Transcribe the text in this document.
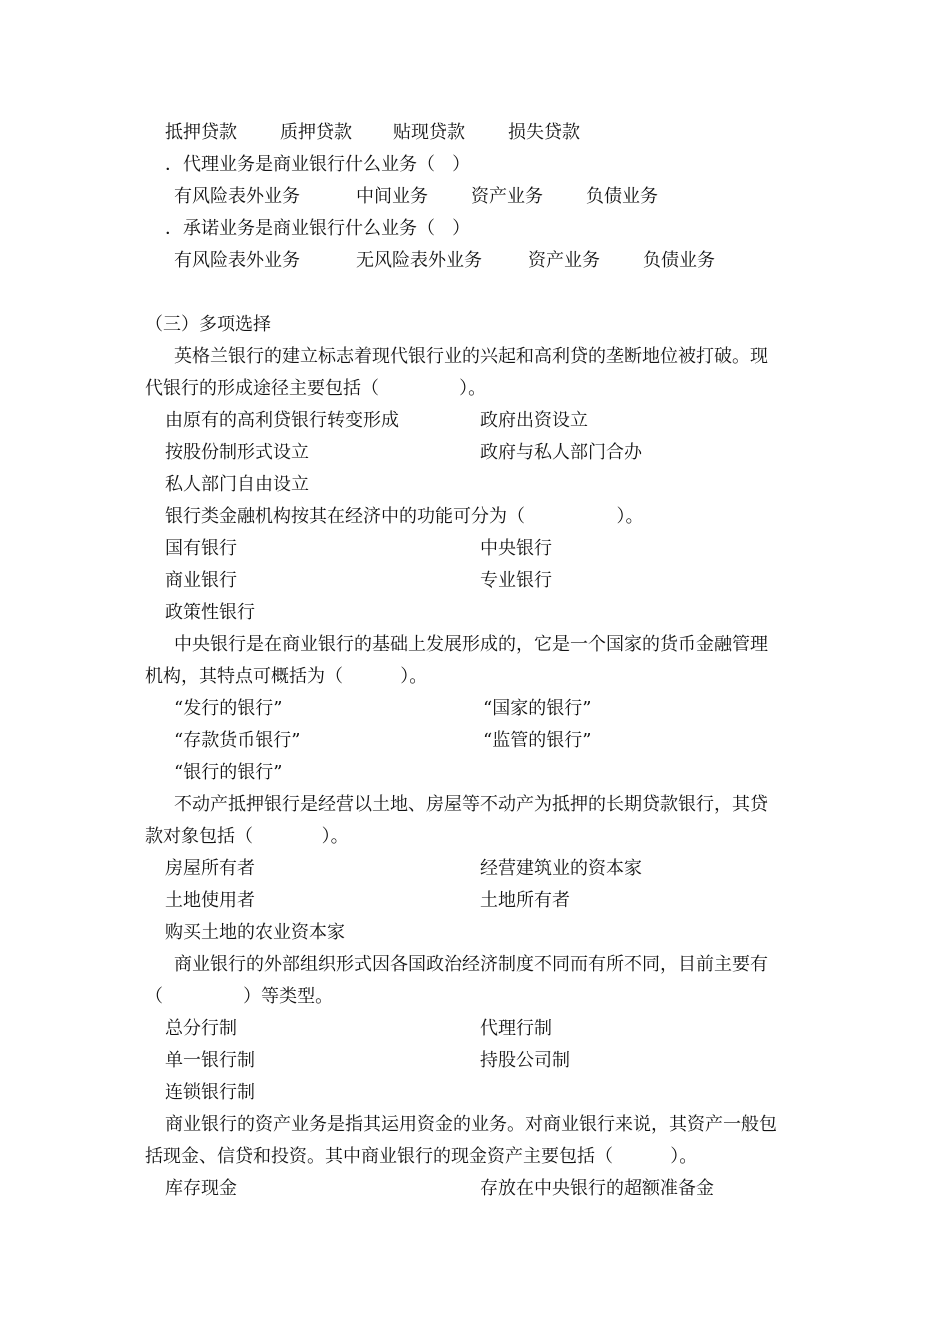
抵押贷款 质押贷款 贴现贷款 损失贷款
．代理业务是商业银行什么业务（   ）
有风险表外业务	中间业务 资产业务 负债业务
．承诺业务是商业银行什么业务（   ）
有风险表外业务	无风险表外业务	资产业务 负债业务
（三）多项选择
英格兰银行的建立标志着现代银行业的兴起和高利贷的垄断地位被打破。现
代银行的形成途径主要包括（              ）。
由原有的高利贷银行转变形成	政府出资设立
按股份制形式设立	政府与私人部门合办
私人部门自由设立
银行类金融机构按其在经济中的功能可分为（                ）。
国有银行	中央银行
商业银行	专业银行
政策性银行
中央银行是在商业银行的基础上发展形成的，它是一个国家的货币金融管理
机构，其特点可概括为（          ）。
“发行的银行”	“国家的银行”
“存款货币银行”	“监管的银行”
“银行的银行”
不动产抵押银行是经营以土地、房屋等不动产为抵押的长期贷款银行，其贷
款对象包括（            ）。
房屋所有者	经营建筑业的资本家
土地使用者	土地所有者
购买土地的农业资本家
商业银行的外部组织形式因各国政治经济制度不同而有所不同，目前主要有
（              ）等类型。
总分行制	代理行制
单一银行制	持股公司制
连锁银行制
商业银行的资产业务是指其运用资金的业务。对商业银行来说，其资产一般包
括现金、信贷和投资。其中商业银行的现金资产主要包括（          ）。
库存现金	存放在中央银行的超额准备金
